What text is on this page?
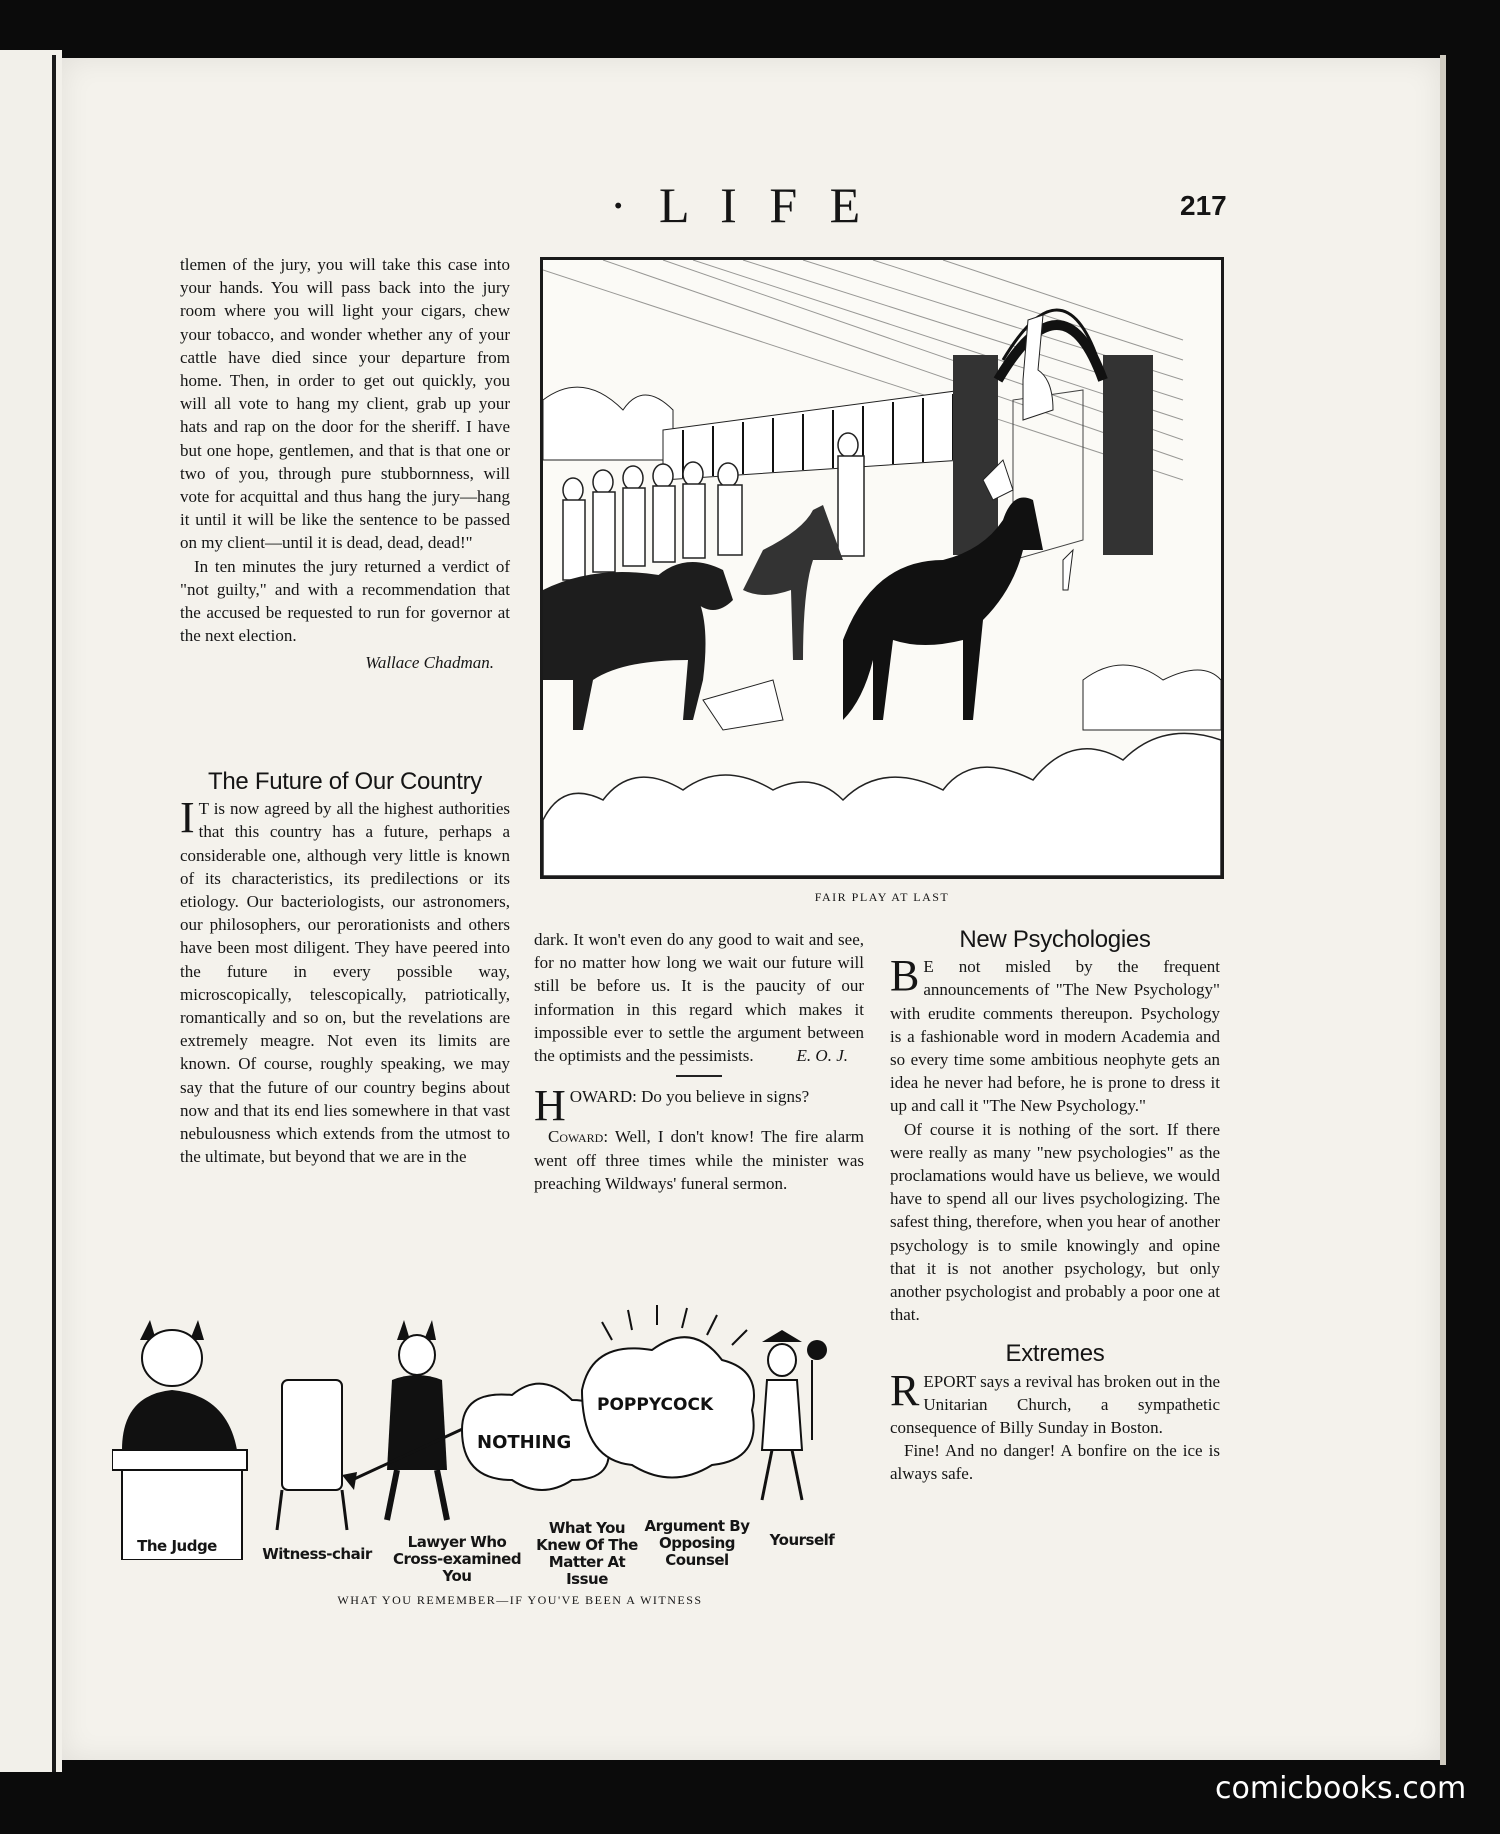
· L I F E	217

tlemen of the jury, you will take this case into your hands. You will pass back into the jury room where you will light your cigars, chew your tobacco, and wonder whether any of your cattle have died since your departure from home. Then, in order to get out quickly, you will all vote to hang my client, grab up your hats and rap on the door for the sheriff. I have but one hope, gentlemen, and that is that one or two of you, through pure stubbornness, will vote for acquittal and thus hang the jury—hang it until it will be like the sentence to be passed on my client—until it is dead, dead, dead!"

In ten minutes the jury returned a verdict of "not guilty," and with a recommendation that the accused be requested to run for governor at the next election.

Wallace Chadman.
The Future of Our Country

I T is now agreed by all the highest authorities that this country has a future, perhaps a considerable one, although very little is known of its characteristics, its predilections or its etiology. Our bacteriologists, our astronomers, our philosophers, our perorationists and others have been most diligent. They have peered into the future in every possible way, microscopically, telescopically, patriotically, romantically and so on, but the revelations are extremely meagre. Not even its limits are known. Of course, roughly speaking, we may say that the future of our country begins about now and that its end lies somewhere in that vast nebulousness which extends from the utmost to the ultimate, but beyond that we are in the

dark. It won't even do any good to wait and see, for no matter how long we wait our future will still be before us. It is the paucity of our information in this regard which makes it impossible ever to settle the argument between the optimists and the pessimists.	E. O. J.

HOWARD: Do you believe in signs?

Coward: Well, I don't know! The fire alarm went off three times while the minister was preaching Wildways' funeral sermon.

New Psychologies

B E not misled by the frequent announcements of "The New Psychology" with erudite comments thereupon. Psychology is a fashionable word in modern Academia and so every time some ambitious neophyte gets an idea he never had before, he is prone to dress it up and call it "The New Psychology."

Of course it is nothing of the sort. If there were really as many "new psychologies" as the proclamations would have us believe, we would have to spend all our lives psychologizing. The safest thing, therefore, when you hear of another psychology is to smile knowingly and opine that it is not another psychology, but only another psychologist and probably a poor one at that.

Extremes

REPORT says a revival has broken out in the Unitarian Church, a sympathetic consequence of Billy Sunday in Boston.

Fine! And no danger! A bonfire on the ice is always safe.

FAIR PLAY AT LAST
NOTHING
POPPYCOCK
The Judge	Witness-chair
Lawyer Who Cross-examined You
What You Knew Of The Matter At Issue
Argument By Opposing Counsel
Yourself
WHAT YOU REMEMBER—IF YOU'VE BEEN A WITNESS
comicbooks.com
